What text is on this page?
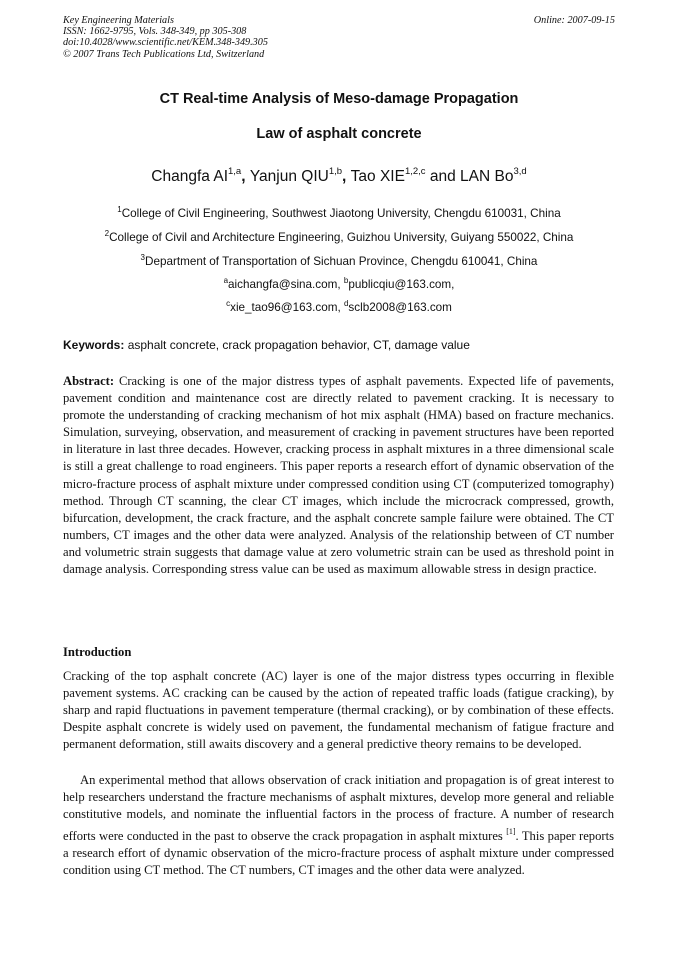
Key Engineering Materials
ISSN: 1662-9795, Vols. 348-349, pp 305-308
doi:10.4028/www.scientific.net/KEM.348-349.305
© 2007 Trans Tech Publications Ltd, Switzerland
Online: 2007-09-15
CT Real-time Analysis of Meso-damage Propagation
Law of asphalt concrete
Changfa AI$^{1,a}$, Yanjun QIU$^{1,b}$, Tao XIE$^{1,2,c}$ and LAN Bo$^{3,d}$
$^1$College of Civil Engineering, Southwest Jiaotong University, Chengdu 610031, China
$^2$College of Civil and Architecture Engineering, Guizhou University, Guiyang 550022, China
$^3$Department of Transportation of Sichuan Province, Chengdu 610041, China
$^a$aichangfa@sina.com, $^b$publicqiu@163.com,
$^c$xie_tao96@163.com, $^d$sclb2008@163.com
Keywords: asphalt concrete, crack propagation behavior, CT, damage value
Abstract: Cracking is one of the major distress types of asphalt pavements. Expected life of pavements, pavement condition and maintenance cost are directly related to pavement cracking. It is necessary to promote the understanding of cracking mechanism of hot mix asphalt (HMA) based on fracture mechanics. Simulation, surveying, observation, and measurement of cracking in pavement structures have been reported in literature in last three decades. However, cracking process in asphalt mixtures in a three dimensional scale is still a great challenge to road engineers. This paper reports a research effort of dynamic observation of the micro-fracture process of asphalt mixture under compressed condition using CT (computerized tomography) method. Through CT scanning, the clear CT images, which include the microcrack compressed, growth, bifurcation, development, the crack fracture, and the asphalt concrete sample failure were obtained. The CT numbers, CT images and the other data were analyzed. Analysis of the relationship between of CT number and volumetric strain suggests that damage value at zero volumetric strain can be used as threshold point in damage analysis. Corresponding stress value can be used as maximum allowable stress in design practice.
Introduction
Cracking of the top asphalt concrete (AC) layer is one of the major distress types occurring in flexible pavement systems. AC cracking can be caused by the action of repeated traffic loads (fatigue cracking), by sharp and rapid fluctuations in pavement temperature (thermal cracking), or by combination of these effects. Despite asphalt concrete is widely used on pavement, the fundamental mechanism of fatigue fracture and permanent deformation, still awaits discovery and a general predictive theory remains to be developed.
An experimental method that allows observation of crack initiation and propagation is of great interest to help researchers understand the fracture mechanisms of asphalt mixtures, develop more general and reliable constitutive models, and nominate the influential factors in the process of fracture. A number of research efforts were conducted in the past to observe the crack propagation in asphalt mixtures [1]. This paper reports a research effort of dynamic observation of the micro-fracture process of asphalt mixture under compressed condition using CT method. The CT numbers, CT images and the other data were analyzed.
